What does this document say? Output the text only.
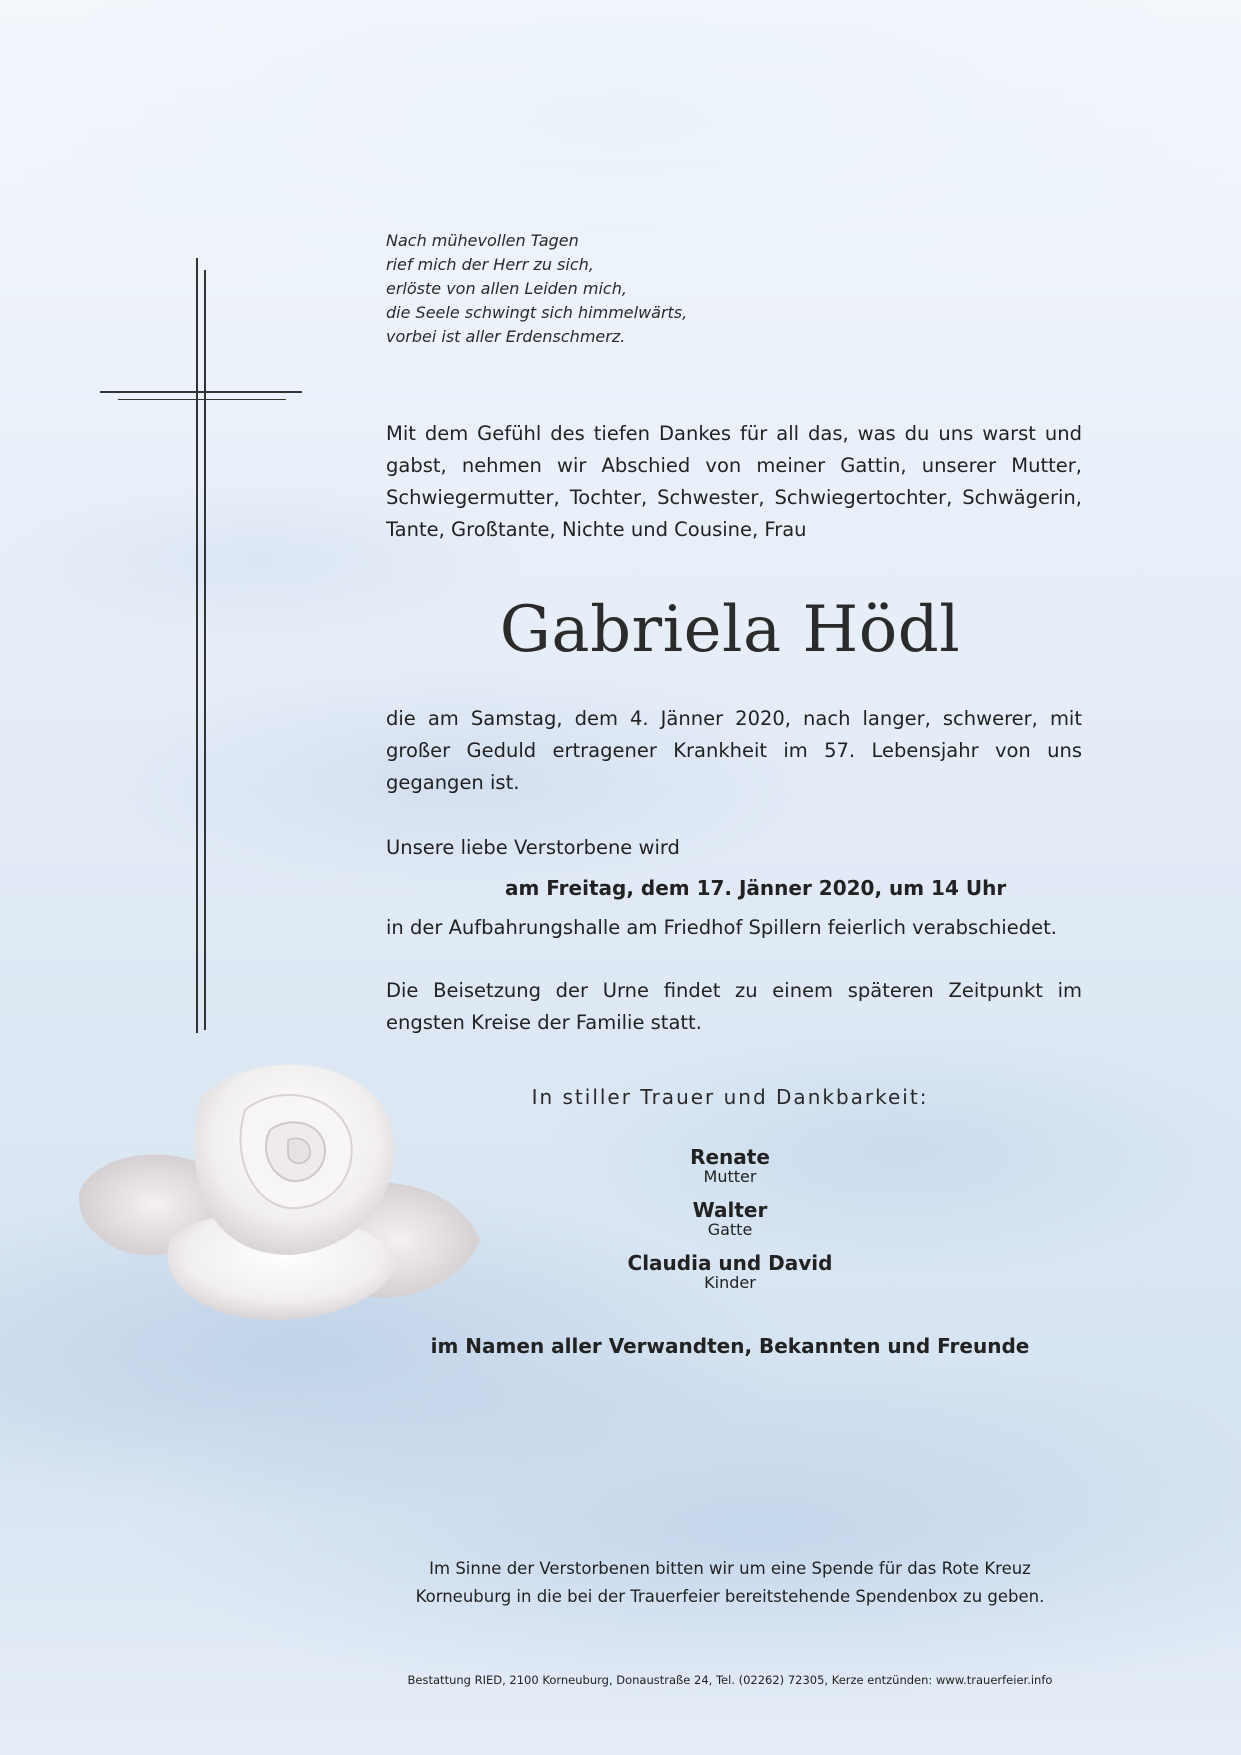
Nach mühevollen Tagen
rief mich der Herr zu sich,
erlöste von allen Leiden mich,
die Seele schwingt sich himmelwärts,
vorbei ist aller Erdenschmerz.
Mit dem Gefühl des tiefen Dankes für all das, was du uns warst und gabst, nehmen wir Abschied von meiner Gattin, unserer Mutter, Schwiegermutter, Tochter, Schwester, Schwiegertochter, Schwägerin, Tante, Großtante, Nichte und Cousine, Frau
Gabriela Hödl
die am Samstag, dem 4. Jänner 2020, nach langer, schwerer, mit großer Geduld ertragener Krankheit im 57. Lebensjahr von uns gegangen ist.
Unsere liebe Verstorbene wird
am Freitag, dem 17. Jänner 2020, um 14 Uhr
in der Aufbahrungshalle am Friedhof Spillern feierlich verabschiedet.
Die Beisetzung der Urne findet zu einem späteren Zeitpunkt im engsten Kreise der Familie statt.
In stiller Trauer und Dankbarkeit:
Renate
Mutter
Walter
Gatte
Claudia und David
Kinder
im Namen aller Verwandten, Bekannten und Freunde
Im Sinne der Verstorbenen bitten wir um eine Spende für das Rote Kreuz
Korneuburg in die bei der Trauerfeier bereitstehende Spendenbox zu geben.
Bestattung RIED, 2100 Korneuburg, Donaustraße 24, Tel. (02262) 72305, Kerze entzünden: www.trauerfeier.info
